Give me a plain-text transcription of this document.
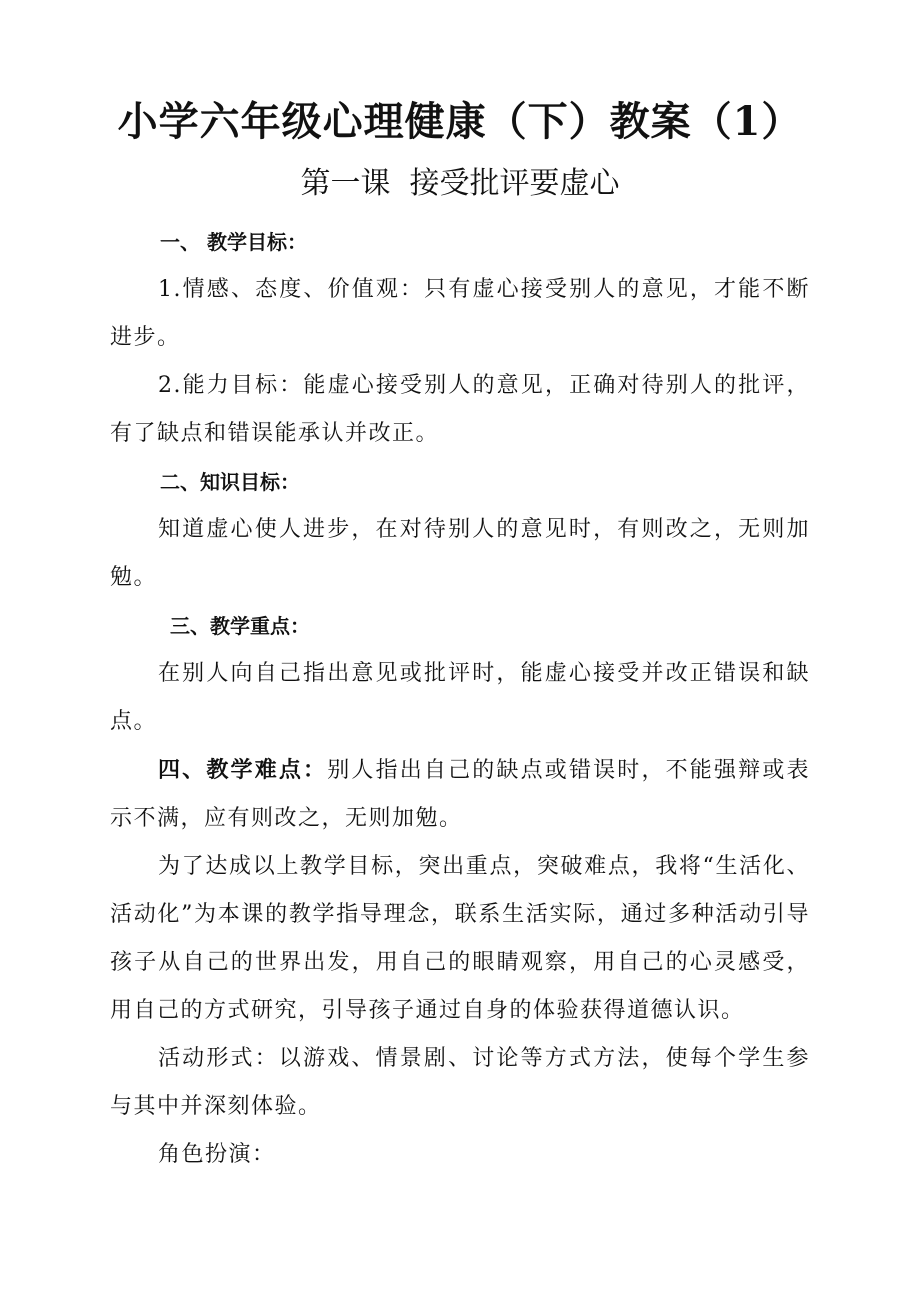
小学六年级心理健康（下）教案（1）
第一课  接受批评要虚心

一、 教学目标：

1.情感、态度、价值观：只有虚心接受别人的意见，才能不断进步。

2.能力目标：能虚心接受别人的意见，正确对待别人的批评，有了缺点和错误能承认并改正。

二、知识目标：

知道虚心使人进步，在对待别人的意见时，有则改之，无则加勉。

三、教学重点：

在别人向自己指出意见或批评时，能虚心接受并改正错误和缺点。

四、教学难点：别人指出自己的缺点或错误时，不能强辩或表示不满，应有则改之，无则加勉。

为了达成以上教学目标，突出重点，突破难点，我将“生活化、活动化”为本课的教学指导理念，联系生活实际，通过多种活动引导孩子从自己的世界出发，用自己的眼睛观察，用自己的心灵感受，用自己的方式研究，引导孩子通过自身的体验获得道德认识。

活动形式：以游戏、情景剧、讨论等方式方法，使每个学生参与其中并深刻体验。

角色扮演：
